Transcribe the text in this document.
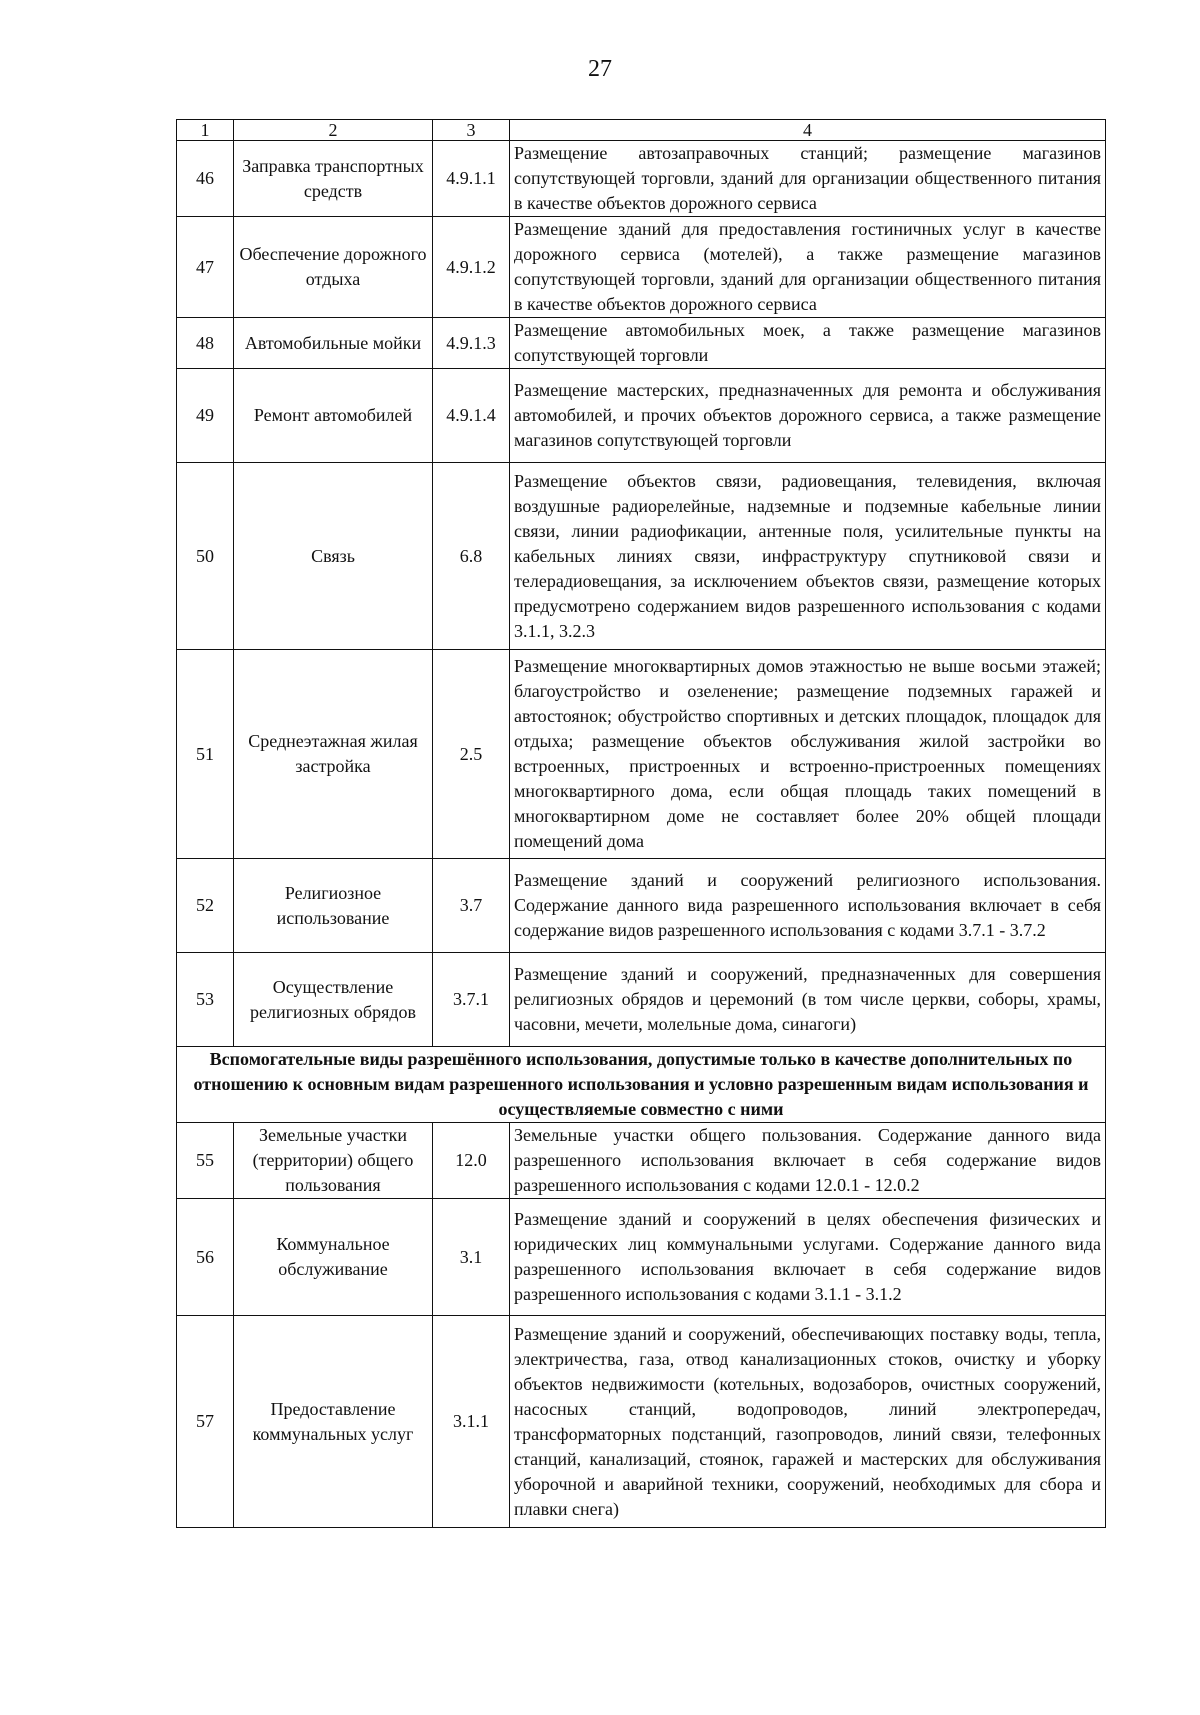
27
1	2	3	4
46	Заправка транспортных средств	4.9.1.1	Размещение автозаправочных станций; размещение магазинов сопутствующей торговли, зданий для организации общественного питания в качестве объектов дорожного сервиса
47	Обеспечение дорожного отдыха	4.9.1.2	Размещение зданий для предоставления гостиничных услуг в качестве дорожного сервиса (мотелей), а также размещение магазинов сопутствующей торговли, зданий для организации общественного питания в качестве объектов дорожного сервиса
48	Автомобильные мойки	4.9.1.3	Размещение автомобильных моек, а также размещение магазинов сопутствующей торговли
49	Ремонт автомобилей	4.9.1.4	Размещение мастерских, предназначенных для ремонта и обслуживания автомобилей, и прочих объектов дорожного сервиса, а также размещение магазинов сопутствующей торговли
50	Связь	6.8	Размещение объектов связи, радиовещания, телевидения, включая воздушные радиорелейные, надземные и подземные кабельные линии связи, линии радиофикации, антенные поля, усилительные пункты на кабельных линиях связи, инфраструктуру спутниковой связи и телерадиовещания, за исключением объектов связи, размещение которых предусмотрено содержанием видов разрешенного использования с кодами 3.1.1, 3.2.3
51	Среднеэтажная жилая застройка	2.5	Размещение многоквартирных домов этажностью не выше восьми этажей; благоустройство и озеленение; размещение подземных гаражей и автостоянок; обустройство спортивных и детских площадок, площадок для отдыха; размещение объектов обслуживания жилой застройки во встроенных, пристроенных и встроенно-пристроенных помещениях многоквартирного дома, если общая площадь таких помещений в многоквартирном доме не составляет более 20% общей площади помещений дома
52	Религиозное использование	3.7	Размещение зданий и сооружений религиозного использования. Содержание данного вида разрешенного использования включает в себя содержание видов разрешенного использования с кодами 3.7.1 - 3.7.2
53	Осуществление религиозных обрядов	3.7.1	Размещение зданий и сооружений, предназначенных для совершения религиозных обрядов и церемоний (в том числе церкви, соборы, храмы, часовни, мечети, молельные дома, синагоги)
Вспомогательные виды разрешённого использования, допустимые только в качестве дополнительных по отношению к основным видам разрешенного использования и условно разрешенным видам использования и осуществляемые совместно с ними			
55	Земельные участки (территории) общего пользования	12.0	Земельные участки общего пользования. Содержание данного вида разрешенного использования включает в себя содержание видов разрешенного использования с кодами 12.0.1 - 12.0.2
56	Коммунальное обслуживание	3.1	Размещение зданий и сооружений в целях обеспечения физических и юридических лиц коммунальными услугами. Содержание данного вида разрешенного использования включает в себя содержание видов разрешенного использования с кодами 3.1.1 - 3.1.2
57	Предоставление коммунальных услуг	3.1.1	Размещение зданий и сооружений, обеспечивающих поставку воды, тепла, электричества, газа, отвод канализационных стоков, очистку и уборку объектов недвижимости (котельных, водозаборов, очистных сооружений, насосных станций, водопроводов, линий электропередач, трансформаторных подстанций, газопроводов, линий связи, телефонных станций, канализаций, стоянок, гаражей и мастерских для обслуживания уборочной и аварийной техники, сооружений, необходимых для сбора и плавки снега)
